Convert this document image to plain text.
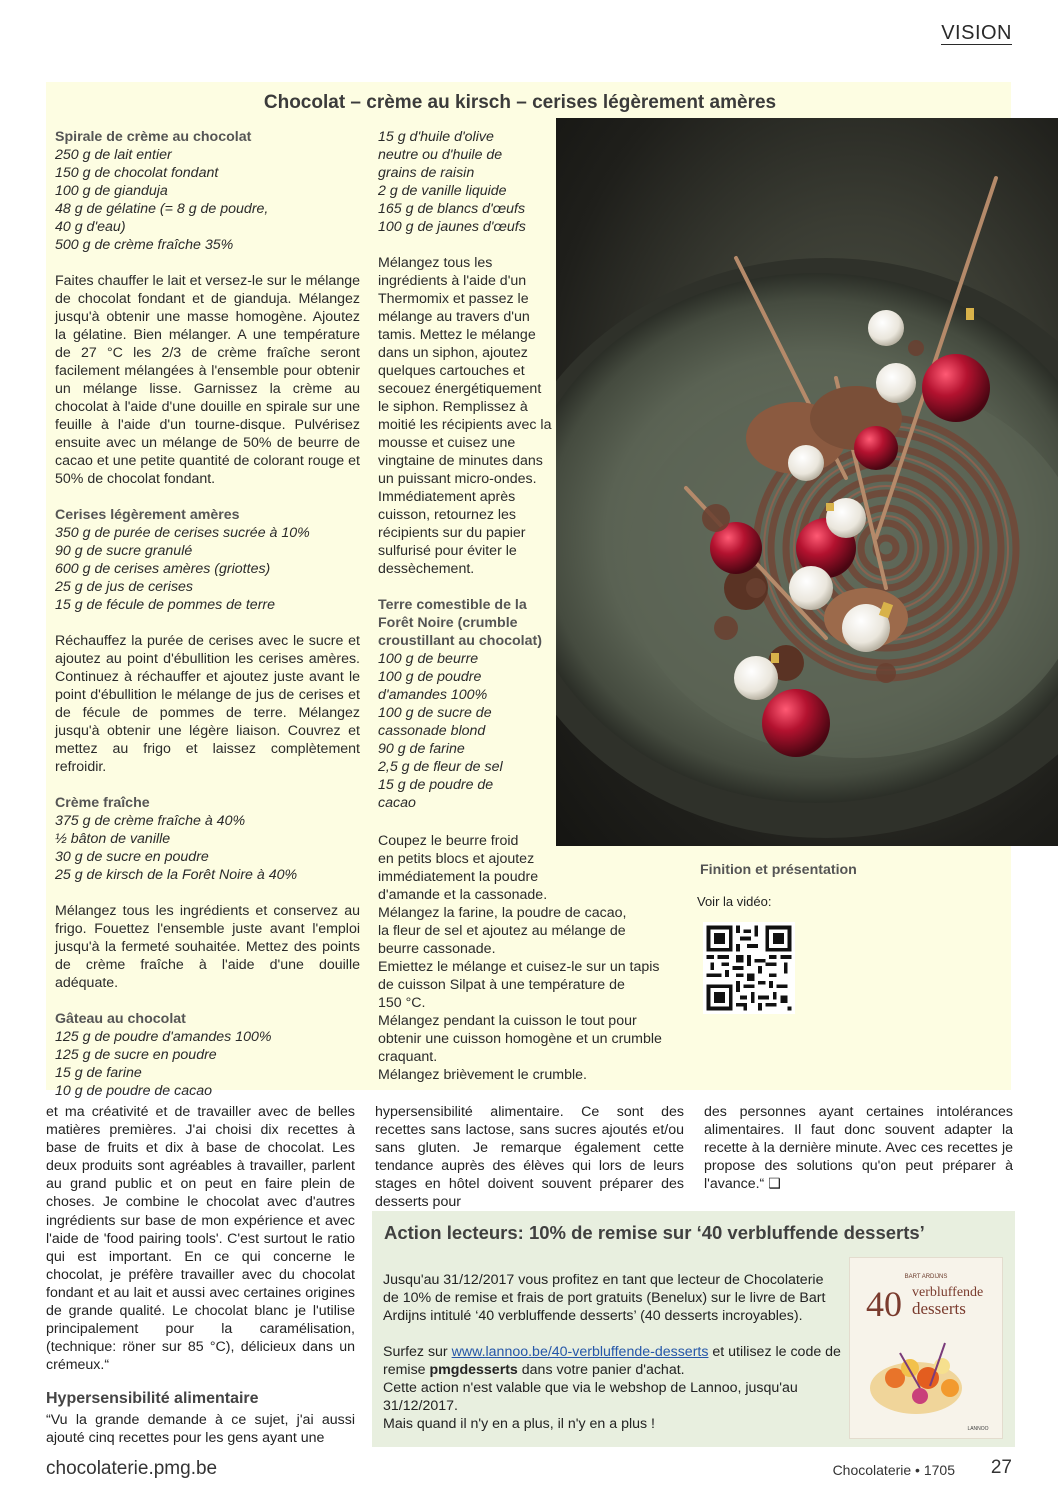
VISION
Chocolat – crème au kirsch – cerises légèrement amères
Spirale de crème au chocolat
250 g de lait entier
150 g de chocolat fondant
100 g de gianduja
48 g de gélatine (= 8 g de poudre,
40 g d'eau)
500 g de crème fraîche 35%
Faites chauffer le lait et versez-le sur le mélange de chocolat fondant et de gianduja. Mélangez jusqu'à obtenir une masse homogène. Ajoutez la gélatine. Bien mélanger. A une température de 27 °C les 2/3 de crème fraîche seront facilement mélangées à l'ensemble pour obtenir un mélange lisse. Garnissez la crème au chocolat à l'aide d'une douille en spirale sur une feuille à l'aide d'un tourne-disque. Pulvérisez ensuite avec un mélange de 50% de beurre de cacao et une petite quantité de colorant rouge et 50% de chocolat fondant.
Cerises légèrement amères
350 g de purée de cerises sucrée à 10%
90 g de sucre granulé
600 g de cerises amères (griottes)
25 g de jus de cerises
15 g de fécule de pommes de terre
Réchauffez la purée de cerises avec le sucre et ajoutez au point d'ébullition les cerises amères. Continuez à réchauffer et ajoutez juste avant le point d'ébullition le mélange de jus de cerises et de fécule de pommes de terre. Mélangez jusqu'à obtenir une légère liaison. Couvrez et mettez au frigo et laissez complètement refroidir.
Crème fraîche
375 g de crème fraîche à 40%
½ bâton de vanille
30 g de sucre en poudre
25 g de kirsch de la Forêt Noire à 40%
Mélangez tous les ingrédients et conservez au frigo. Fouettez l'ensemble juste avant l'emploi jusqu'à la fermeté souhaitée. Mettez des points de crème fraîche à l'aide d'une douille adéquate.
Gâteau au chocolat
125 g de poudre d'amandes 100%
125 g de sucre en poudre
15 g de farine
10 g de poudre de cacao
15 g d'huile d'olive
neutre ou d'huile de
grains de raisin
2 g de vanille liquide
165 g de blancs d'œufs
100 g de jaunes d'œufs
Mélangez tous les ingrédients à l'aide d'un Thermomix et passez le mélange au travers d'un tamis. Mettez le mélange dans un siphon, ajoutez quelques cartouches et secouez énergétiquement le siphon. Remplissez à moitié les récipients avec la mousse et cuisez une vingtaine de minutes dans un puissant micro-ondes. Immédiatement après cuisson, retournez les récipients sur du papier sulfurisé pour éviter le dessèchement.
Terre comestible de la Forêt Noire (crumble croustillant au chocolat)
100 g de beurre
100 g de poudre
d'amandes 100%
100 g de sucre de
cassonade blond
90 g de farine
2,5 g de fleur de sel
15 g de poudre de
cacao
Coupez le beurre froid
en petits blocs et ajoutez
immédiatement la poudre
d'amande et la cassonade.
Mélangez la farine, la poudre de cacao,
la fleur de sel et ajoutez au mélange de
beurre cassonade.
Emiettez le mélange et cuisez-le sur un tapis
de cuisson Silpat à une température de
150 °C.
Mélangez pendant la cuisson le tout pour
obtenir une cuisson homogène et un crumble
craquant.
Mélangez brièvement le crumble.
Finition et présentation
Voir la vidéo:
et ma créativité et de travailler avec de belles matières premières. J'ai choisi dix recettes à base de fruits et dix à base de chocolat. Les deux produits sont agréables à travailler, parlent au grand public et on peut en faire plein de choses. Je combine le chocolat avec d'autres ingrédients sur base de mon expérience et avec l'aide de 'food pairing tools'. C'est surtout le ratio qui est important. En ce qui concerne le chocolat, je préfère travailler avec du chocolat fondant et au lait et aussi avec certaines origines de grande qualité. Le chocolat blanc je l'utilise principalement pour la caramélisation, (technique: röner sur 85 °C), délicieux dans un crémeux.“
Hypersensibilité alimentaire
“Vu la grande demande à ce sujet, j'ai aussi ajouté cinq recettes pour les gens ayant une
hypersensibilité alimentaire. Ce sont des recettes sans lactose, sans sucres ajoutés et/ou sans gluten. Je remarque également cette tendance auprès des élèves qui lors de leurs stages en hôtel doivent souvent préparer des desserts pour
des personnes ayant certaines intolérances alimentaires. Il faut donc souvent adapter la recette à la dernière minute. Avec ces recettes je propose des solutions qu'on peut préparer à l'avance.“ ❑
Action lecteurs: 10% de remise sur ‘40 verbluffende desserts’
Jusqu'au 31/12/2017 vous profitez en tant que lecteur de Chocolaterie de 10% de remise et frais de port gratuits (Benelux) sur le livre de Bart Ardijns intitulé ‘40 verbluffende desserts’ (40 desserts incroyables).
Surfez sur www.lannoo.be/40-verbluffende-desserts et utilisez le code de remise pmgdesserts dans votre panier d'achat.
Cette action n'est valable que via le webshop de Lannoo, jusqu'au 31/12/2017.
Mais quand il n'y en a plus, il n'y en a plus !
BART ARDIJNS
40 verbluffende
desserts
LANNOO
chocolaterie.pmg.be	Chocolaterie • 1705	27
